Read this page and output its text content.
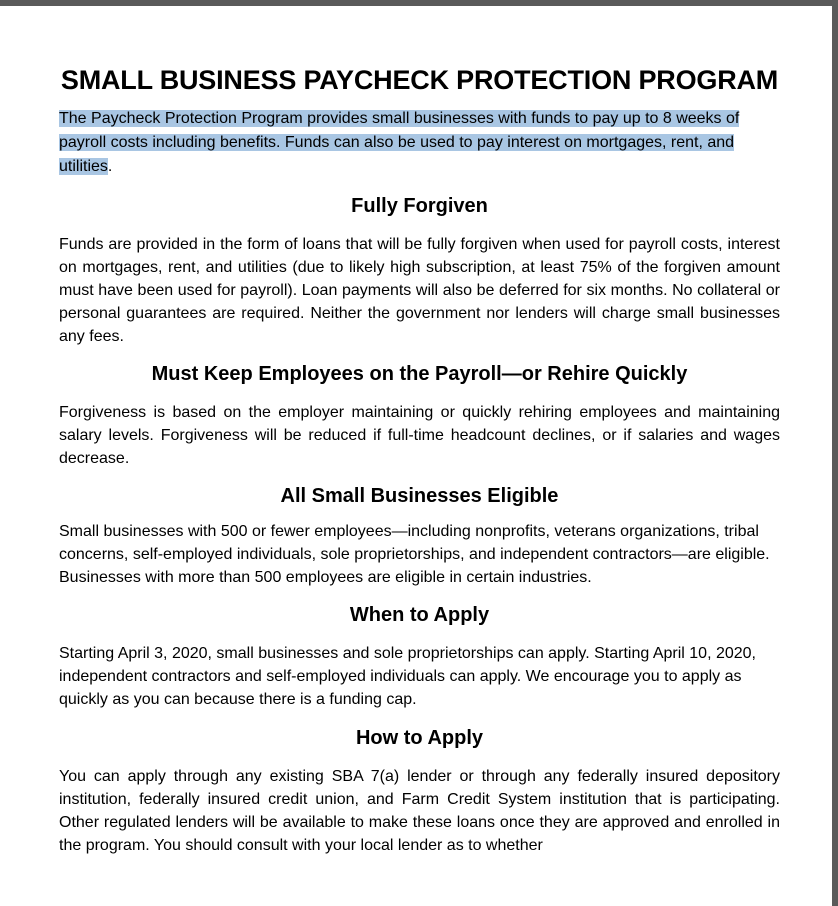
SMALL BUSINESS PAYCHECK PROTECTION PROGRAM

The Paycheck Protection Program provides small businesses with funds to pay up to 8 weeks of payroll costs including benefits. Funds can also be used to pay interest on mortgages, rent, and utilities.

Fully Forgiven

Funds are provided in the form of loans that will be fully forgiven when used for payroll costs, interest on mortgages, rent, and utilities (due to likely high subscription, at least 75% of the forgiven amount must have been used for payroll). Loan payments will also be deferred for six months. No collateral or personal guarantees are required. Neither the government nor lenders will charge small businesses any fees.

Must Keep Employees on the Payroll—or Rehire Quickly

Forgiveness is based on the employer maintaining or quickly rehiring employees and maintaining salary levels. Forgiveness will be reduced if full-time headcount declines, or if salaries and wages decrease.

All Small Businesses Eligible

Small businesses with 500 or fewer employees—including nonprofits, veterans organizations, tribal concerns, self-employed individuals, sole proprietorships, and independent contractors—are eligible. Businesses with more than 500 employees are eligible in certain industries.

When to Apply

Starting April 3, 2020, small businesses and sole proprietorships can apply. Starting April 10, 2020, independent contractors and self-employed individuals can apply. We encourage you to apply as quickly as you can because there is a funding cap.

How to Apply

You can apply through any existing SBA 7(a) lender or through any federally insured depository institution, federally insured credit union, and Farm Credit System institution that is participating. Other regulated lenders will be available to make these loans once they are approved and enrolled in the program. You should consult with your local lender as to whether
